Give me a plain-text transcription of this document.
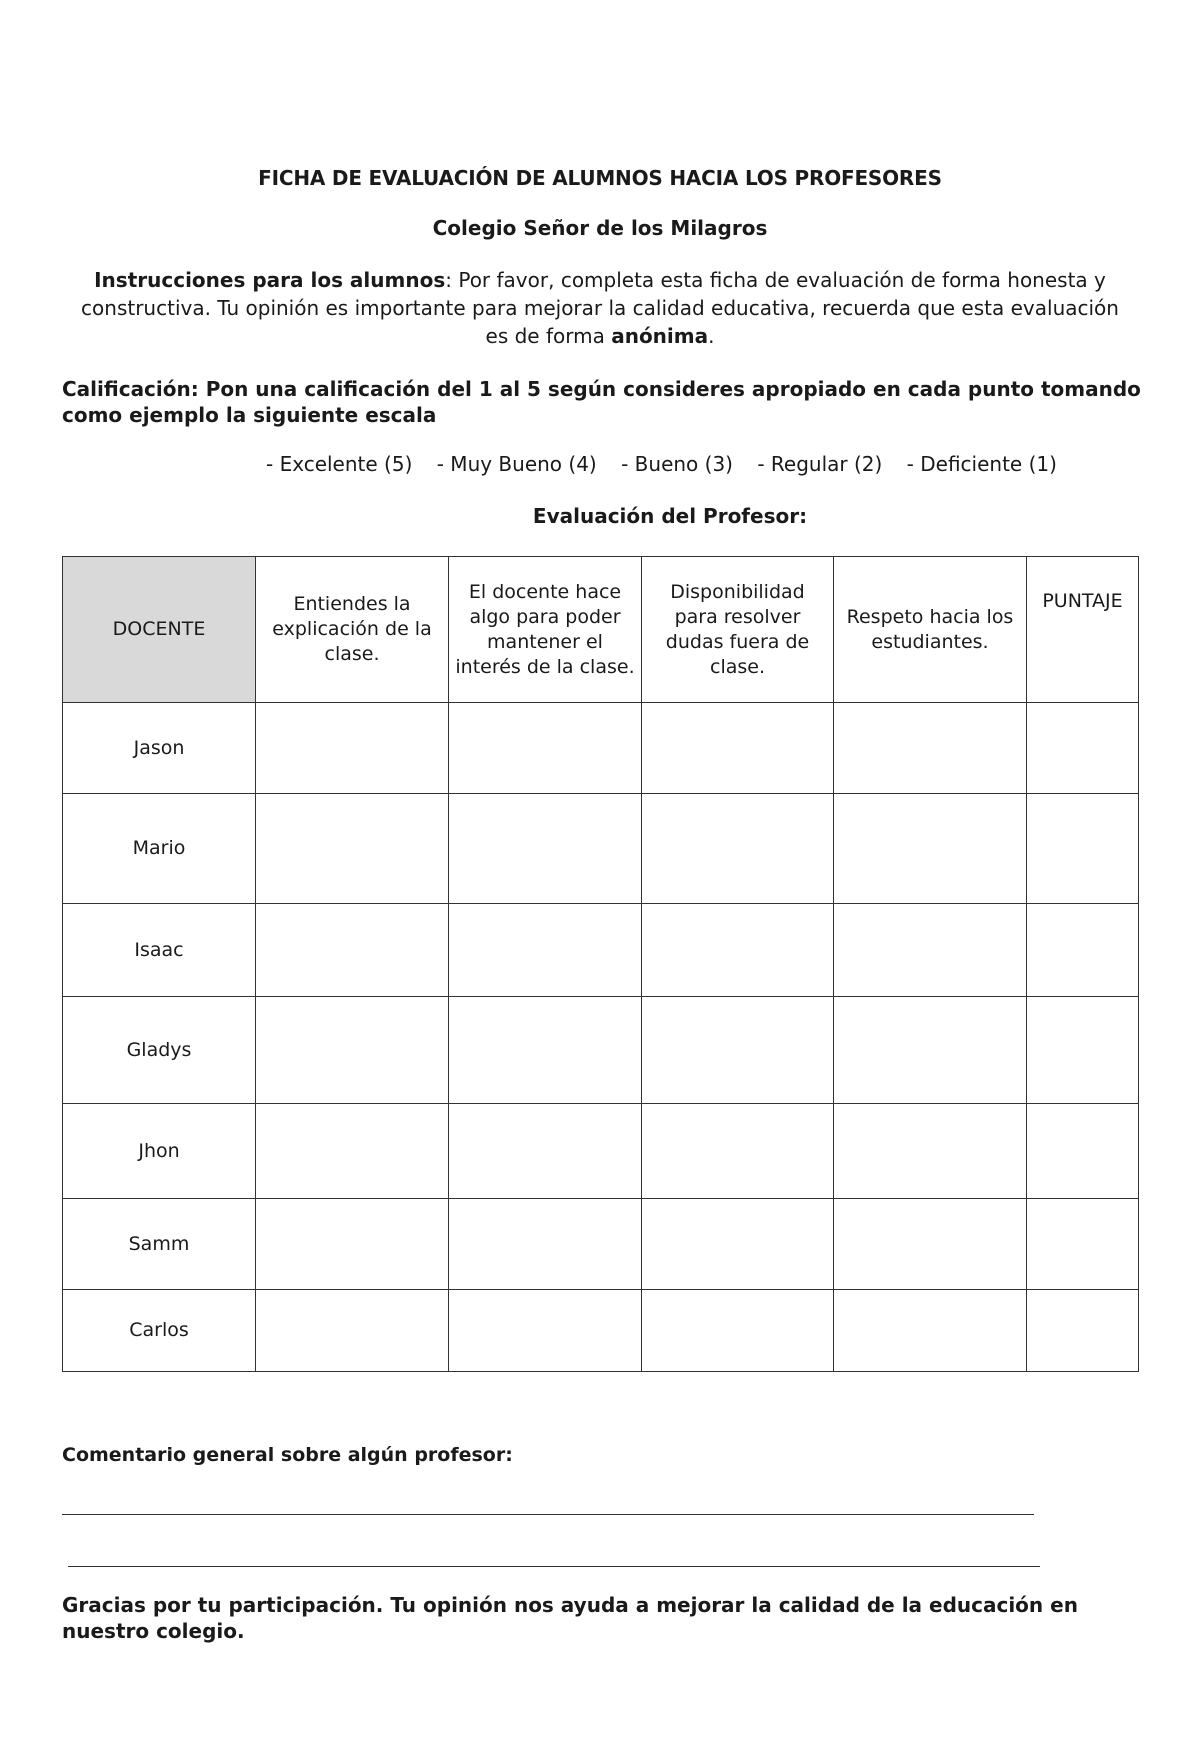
FICHA DE EVALUACIÓN DE ALUMNOS HACIA LOS PROFESORES
Colegio Señor de los Milagros
Instrucciones para los alumnos: Por favor, completa esta ficha de evaluación de forma honesta y constructiva. Tu opinión es importante para mejorar la calidad educativa, recuerda que esta evaluación es de forma anónima.
Calificación: Pon una calificación del 1 al 5 según consideres apropiado en cada punto tomando como ejemplo la siguiente escala
- Excelente (5) - Muy Bueno (4) - Bueno (3) - Regular (2) - Deficiente (1)
Evaluación del Profesor:
DOCENTE	Entiendes la explicación de la clase.	El docente hace algo para poder mantener el interés de la clase.	Disponibilidad para resolver dudas fuera de clase.	Respeto hacia los estudiantes.	PUNTAJE
Jason					
Mario					
Isaac					
Gladys					
Jhon					
Samm					
Carlos					
Comentario general sobre algún profesor:
Gracias por tu participación. Tu opinión nos ayuda a mejorar la calidad de la educación en nuestro colegio.
